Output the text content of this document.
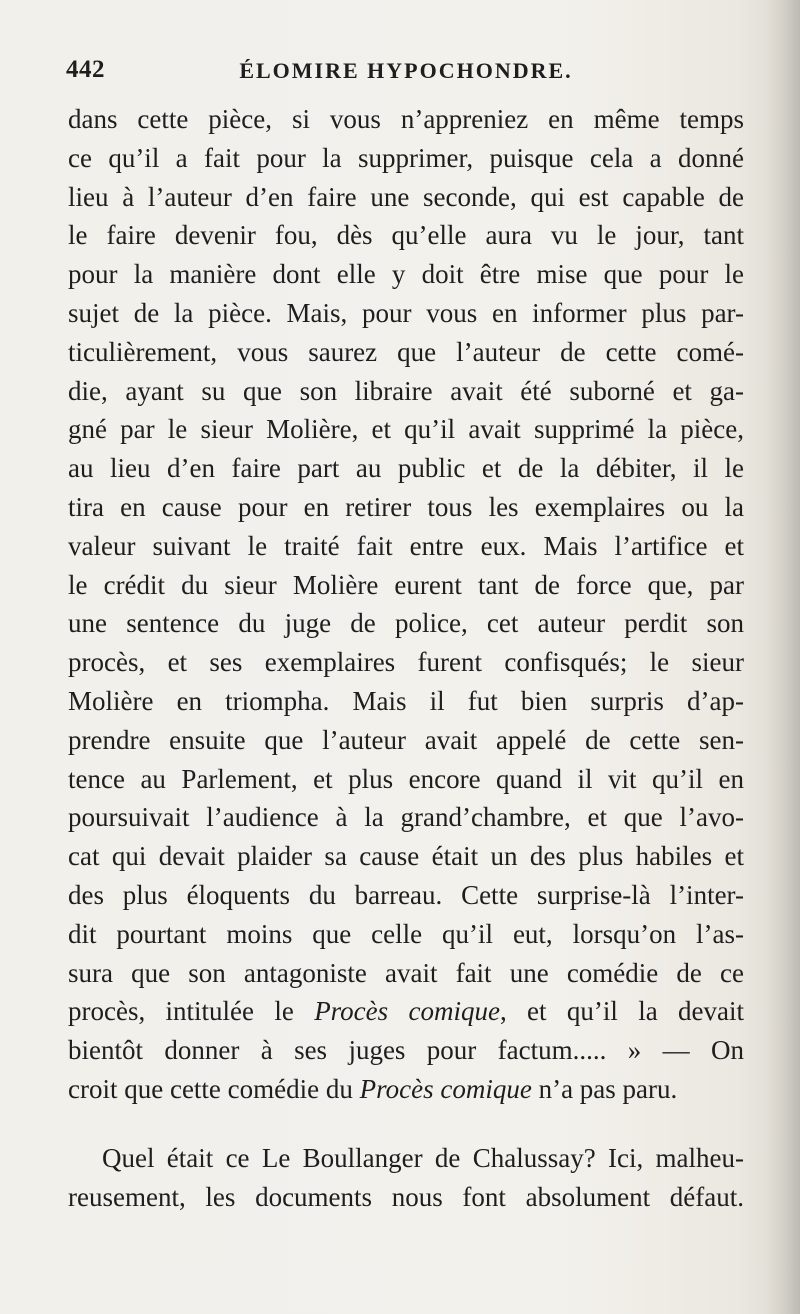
442	ÉLOMIRE HYPOCHONDRE.
dans cette pièce, si vous n’appreniez en même temps
ce qu’il a fait pour la supprimer, puisque cela a donné
lieu à l’auteur d’en faire une seconde, qui est capable de
le faire devenir fou, dès qu’elle aura vu le jour, tant
pour la manière dont elle y doit être mise que pour le
sujet de la pièce. Mais, pour vous en informer plus par-
ticulièrement, vous saurez que l’auteur de cette comé-
die, ayant su que son libraire avait été suborné et ga-
gné par le sieur Molière, et qu’il avait supprimé la pièce,
au lieu d’en faire part au public et de la débiter, il le
tira en cause pour en retirer tous les exemplaires ou la
valeur suivant le traité fait entre eux. Mais l’artifice et
le crédit du sieur Molière eurent tant de force que, par
une sentence du juge de police, cet auteur perdit son
procès, et ses exemplaires furent confisqués; le sieur
Molière en triompha. Mais il fut bien surpris d’ap-
prendre ensuite que l’auteur avait appelé de cette sen-
tence au Parlement, et plus encore quand il vit qu’il en
poursuivait l’audience à la grand’chambre, et que l’avo-
cat qui devait plaider sa cause était un des plus habiles et
des plus éloquents du barreau. Cette surprise-là l’inter-
dit pourtant moins que celle qu’il eut, lorsqu’on l’as-
sura que son antagoniste avait fait une comédie de ce
procès, intitulée le Procès comique, et qu’il la devait
bientôt donner à ses juges pour factum..... » — On
croit que cette comédie du Procès comique n’a pas paru.
Quel était ce Le Boullanger de Chalussay? Ici, malheu-
reusement, les documents nous font absolument défaut.
